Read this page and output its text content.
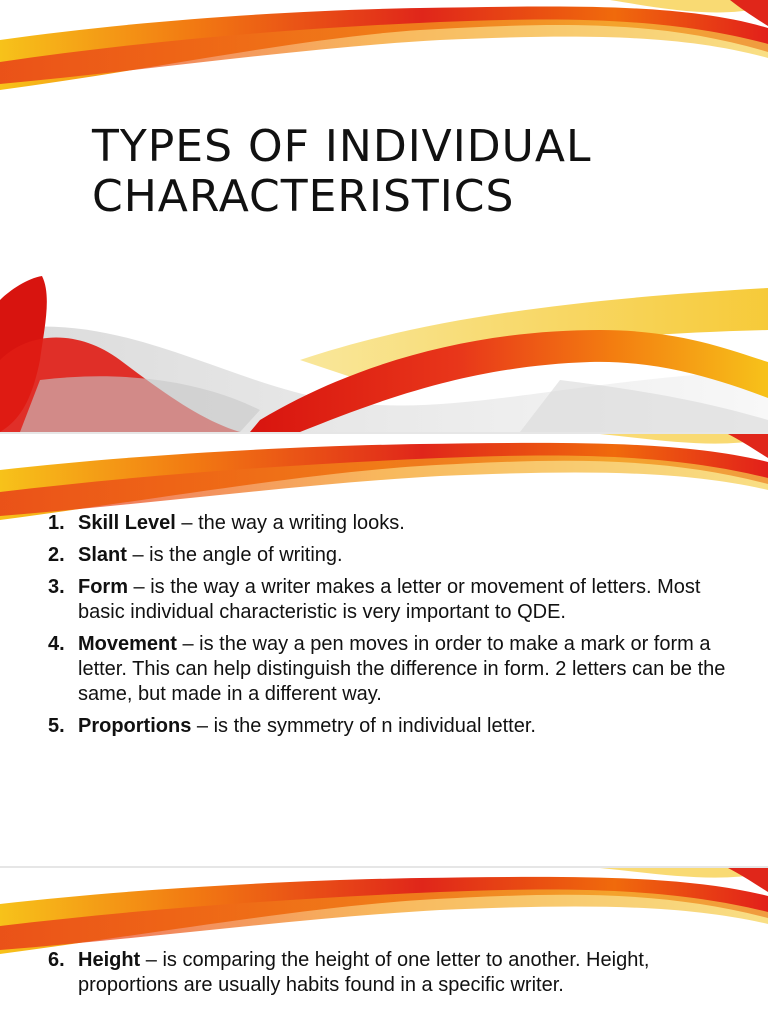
TYPES OF INDIVIDUAL
CHARACTERISTICS
1. Skill Level – the way a writing looks.
2. Slant – is the angle of writing.
3. Form – is the way a writer makes a letter or movement of letters. Most basic individual characteristic is very important to QDE.
4. Movement – is the way a pen moves in order to make a mark or form a letter. This can help distinguish the difference in form. 2 letters can be the same, but made in a different way.
5. Proportions – is the symmetry of n individual letter.
6. Height – is comparing the height of one letter to another. Height, proportions are usually habits found in a specific writer.
